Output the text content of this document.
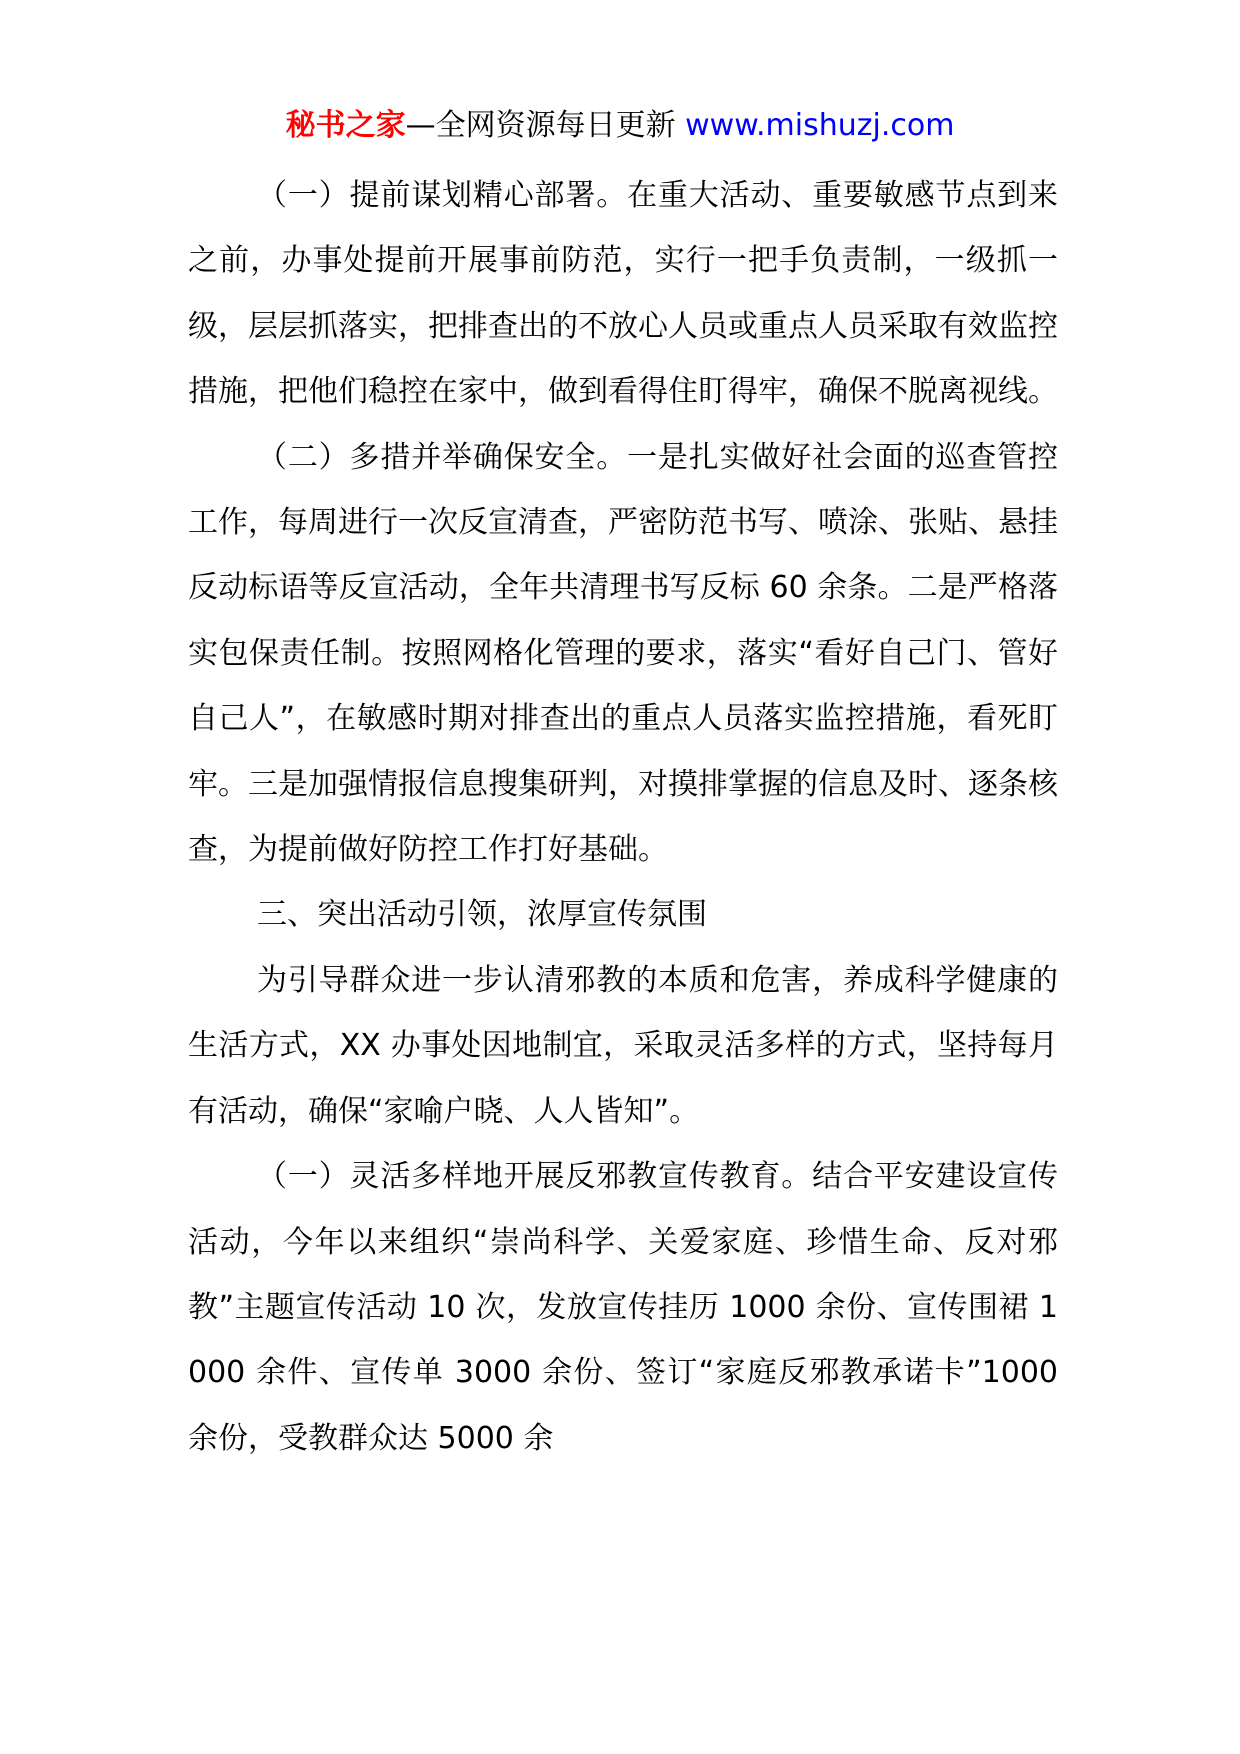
秘书之家—全网资源每日更新 www.mishuzj.com

（一）提前谋划精心部署。在重大活动、重要敏感节点到来之前，办事处提前开展事前防范，实行一把手负责制，一级抓一级，层层抓落实，把排查出的不放心人员或重点人员采取有效监控措施，把他们稳控在家中，做到看得住盯得牢，确保不脱离视线。

（二）多措并举确保安全。一是扎实做好社会面的巡查管控工作，每周进行一次反宣清查，严密防范书写、喷涂、张贴、悬挂反动标语等反宣活动，全年共清理书写反标 60 余条。二是严格落实包保责任制。按照网格化管理的要求，落实“看好自己门、管好自己人”，在敏感时期对排查出的重点人员落实监控措施，看死盯牢。三是加强情报信息搜集研判，对摸排掌握的信息及时、逐条核查，为提前做好防控工作打好基础。

三、突出活动引领，浓厚宣传氛围

为引导群众进一步认清邪教的本质和危害，养成科学健康的生活方式，XX 办事处因地制宜，采取灵活多样的方式，坚持每月有活动，确保“家喻户晓、人人皆知”。

（一）灵活多样地开展反邪教宣传教育。结合平安建设宣传活动，今年以来组织“崇尚科学、关爱家庭、珍惜生命、反对邪教”主题宣传活动 10 次，发放宣传挂历 1000 余份、宣传围裙 1000 余件、宣传单 3000 余份、签订“家庭反邪教承诺卡”1000 余份，受教群众达 5000 余
